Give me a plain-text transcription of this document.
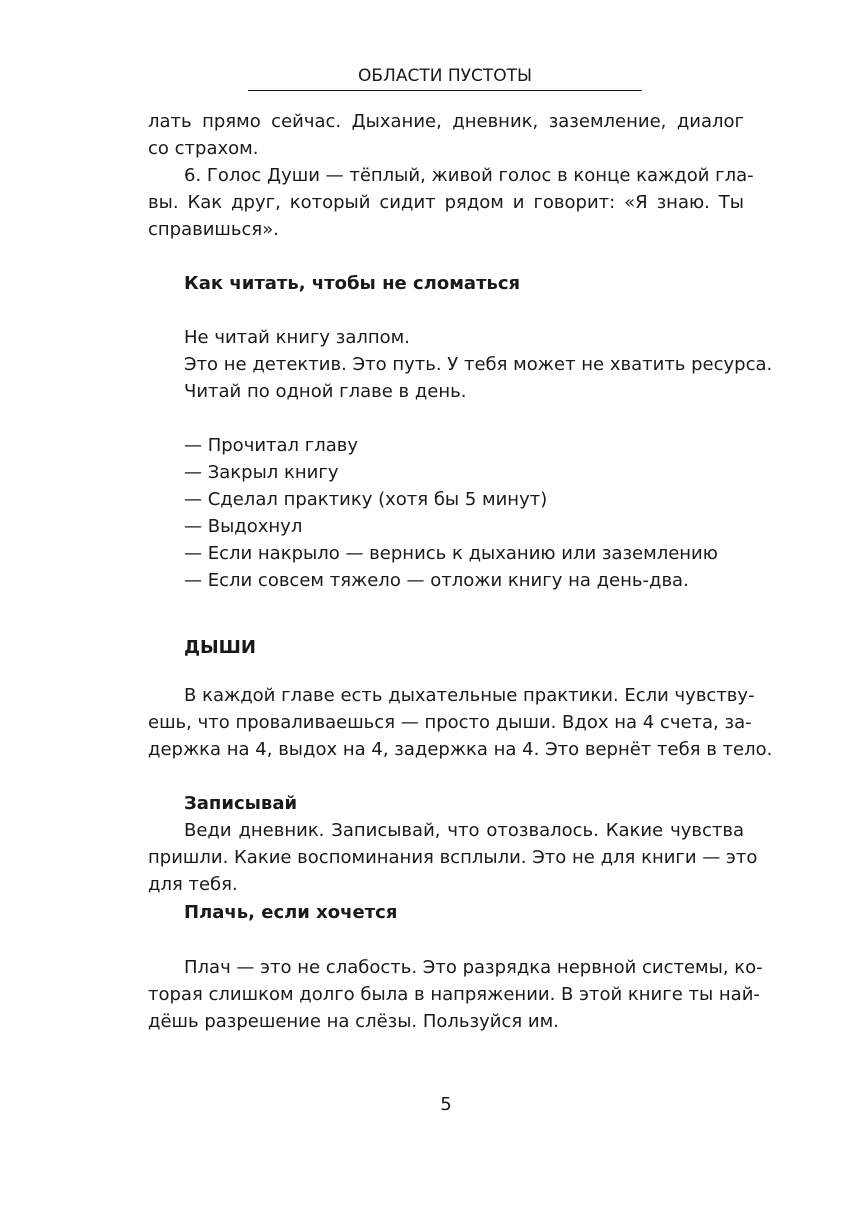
ОБЛАСТИ ПУСТОТЫ
лать прямо сейчас. Дыхание, дневник, заземление, диалог
со страхом.
6. Голос Души — тёплый, живой голос в конце каждой гла-
вы. Как друг, который сидит рядом и говорит: «Я знаю. Ты
справишься».
Как читать, чтобы не сломаться
Не читай книгу залпом.
Это не детектив. Это путь. У тебя может не хватить ресурса.
Читай по одной главе в день.
— Прочитал главу
— Закрыл книгу
— Сделал практику (хотя бы 5 минут)
— Выдохнул
— Если накрыло — вернись к дыханию или заземлению
— Если совсем тяжело — отложи книгу на день-два.
ДЫШИ
В каждой главе есть дыхательные практики. Если чувству-
ешь, что проваливаешься — просто дыши. Вдох на 4 счета, за-
держка на 4, выдох на 4, задержка на 4. Это вернёт тебя в тело.
Записывай
Веди дневник. Записывай, что отозвалось. Какие чувства
пришли. Какие воспоминания всплыли. Это не для книги — это
для тебя.
Плачь, если хочется
Плач — это не слабость. Это разрядка нервной системы, ко-
торая слишком долго была в напряжении. В этой книге ты най-
дёшь разрешение на слёзы. Пользуйся им.
5
